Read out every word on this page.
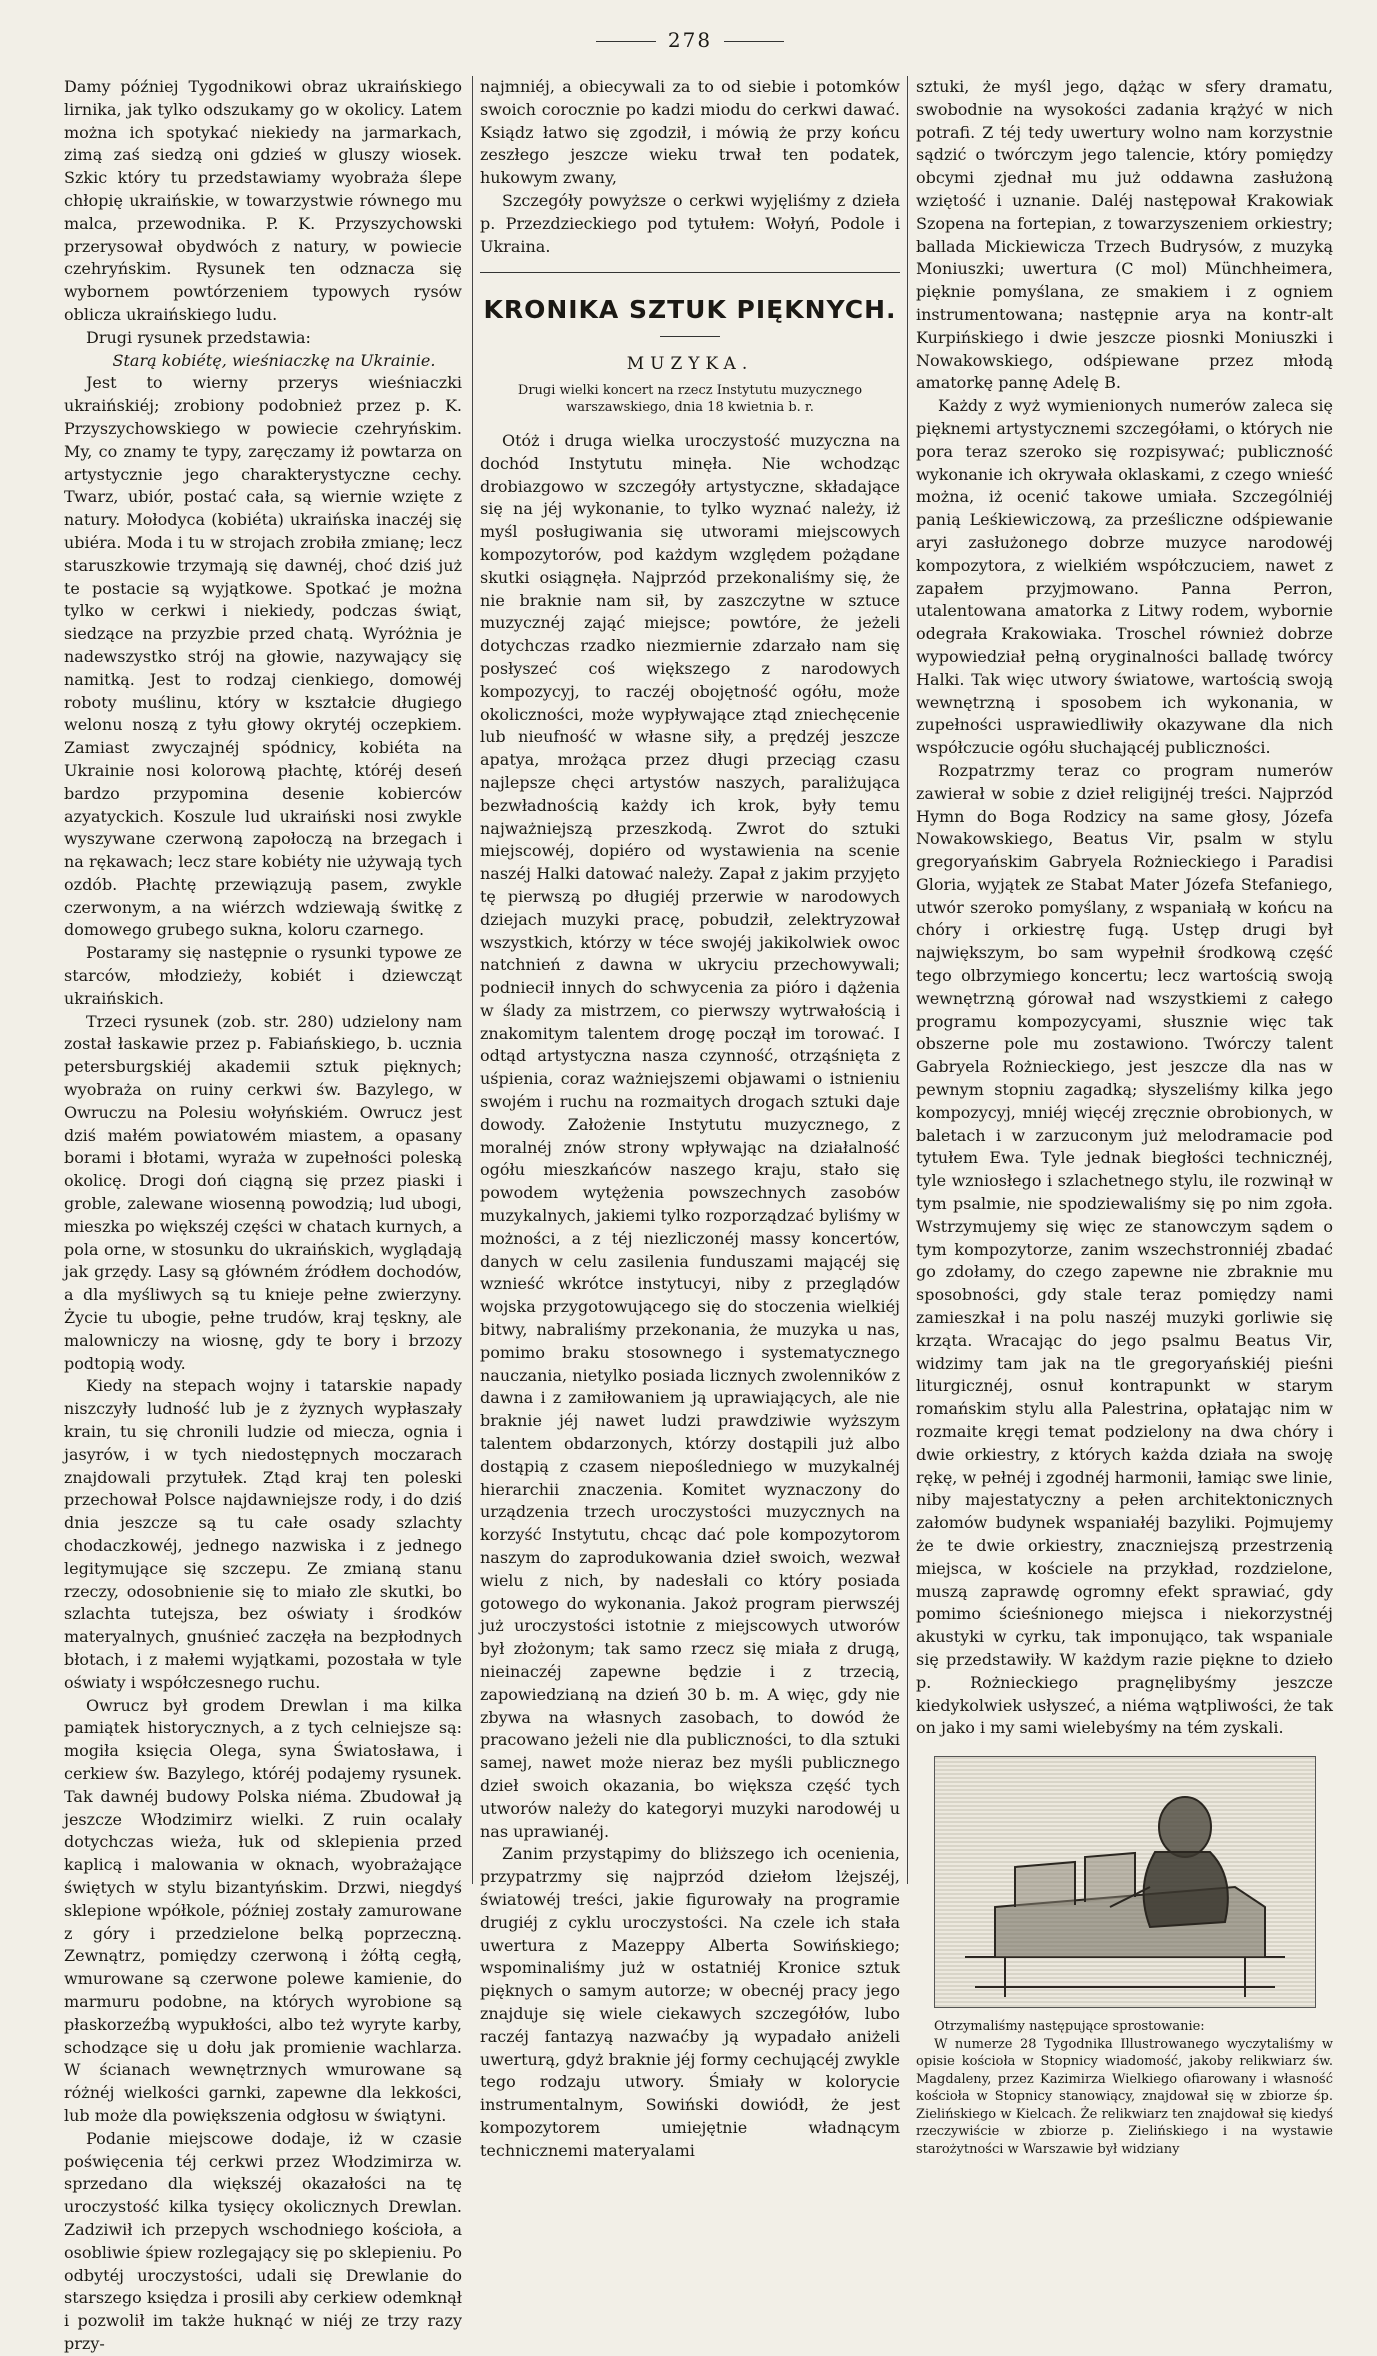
278

Damy później Tygodnikowi obraz ukraińskiego lirnika, jak tylko odszukamy go w okolicy. Latem można ich spotykać niekiedy na jarmarkach, zimą zaś siedzą oni gdzieś w gluszy wiosek. Szkic który tu przedstawiamy wyobraża ślepe chłopię ukraińskie, w towarzystwie równego mu malca, przewodnika. P. K. Przyszychowski przerysował obydwóch z natury, w powiecie czehryńskim. Rysunek ten odznacza się wybornem powtórzeniem typowych rysów oblicza ukraińskiego ludu.

Drugi rysunek przedstawia:

Starą kobiétę, wieśniaczkę na Ukrainie.

Jest to wierny przerys wieśniaczki ukraińskiéj; zrobiony podobnież przez p. K. Przyszychowskiego w powiecie czehryńskim. My, co znamy te typy, zaręczamy iż powtarza on artystycznie jego charakterystyczne cechy. Twarz, ubiór, postać cała, są wiernie wzięte z natury. Mołodyca (kobiéta) ukraińska inaczéj się ubiéra. Moda i tu w strojach zrobiła zmianę; lecz staruszkowie trzymają się dawnéj, choć dziś już te postacie są wyjątkowe. Spotkać je można tylko w cerkwi i niekiedy, podczas świąt, siedzące na przyzbie przed chatą. Wyróżnia je nadewszystko strój na głowie, nazywający się namitką. Jest to rodzaj cienkiego, domowéj roboty muślinu, który w kształcie długiego welonu noszą z tyłu głowy okrytéj oczepkiem. Zamiast zwyczajnéj spódnicy, kobiéta na Ukrainie nosi kolorową płachtę, któréj deseń bardzo przypomina desenie kobierców azyatyckich. Koszule lud ukraiński nosi zwykle wyszywane czerwoną zapołoczą na brzegach i na rękawach; lecz stare kobiéty nie używają tych ozdób. Płachtę przewiązują pasem, zwykle czerwonym, a na wiérzch wdziewają świtkę z domowego grubego sukna, koloru czarnego.

Postaramy się następnie o rysunki typowe ze starców, młodzieży, kobiét i dziewcząt ukraińskich.

Trzeci rysunek (zob. str. 280) udzielony nam został łaskawie przez p. Fabiańskiego, b. ucznia petersburgskiéj akademii sztuk pięknych; wyobraża on ruiny cerkwi św. Bazylego, w Owruczu na Polesiu wołyńskiém. Owrucz jest dziś małém powiatowém miastem, a opasany borami i błotami, wyraża w zupełności poleską okolicę. Drogi doń ciągną się przez piaski i groble, zalewane wiosenną powodzią; lud ubogi, mieszka po większéj części w chatach kurnych, a pola orne, w stosunku do ukraińskich, wyglądają jak grzędy. Lasy są główném źródłem dochodów, a dla myśliwych są tu knieje pełne zwierzyny. Życie tu ubogie, pełne trudów, kraj tęskny, ale malowniczy na wiosnę, gdy te bory i brzozy podtopią wody.

Kiedy na stepach wojny i tatarskie napady niszczyły ludność lub je z żyznych wypłaszały krain, tu się chronili ludzie od miecza, ognia i jasyrów, i w tych niedostępnych moczarach znajdowali przytułek. Ztąd kraj ten poleski przechował Polsce najdawniejsze rody, i do dziś dnia jeszcze są tu całe osady szlachty chodaczkowéj, jednego nazwiska i z jednego legitymujące się szczepu. Ze zmianą stanu rzeczy, odosobnienie się to miało zle skutki, bo szlachta tutejsza, bez oświaty i środków materyalnych, gnuśnieć zaczęła na bezpłodnych błotach, i z małemi wyjątkami, pozostała w tyle oświaty i współczesnego ruchu.

Owrucz był grodem Drewlan i ma kilka pamiątek historycznych, a z tych celniejsze są: mogiła księcia Olega, syna Światosława, i cerkiew św. Bazylego, któréj podajemy rysunek. Tak dawnéj budowy Polska niéma. Zbudował ją jeszcze Włodzimirz wielki. Z ruin ocalały dotychczas wieża, łuk od sklepienia przed kaplicą i malowania w oknach, wyobrażające świętych w stylu bizantyńskim. Drzwi, niegdyś sklepione wpółkole, później zostały zamurowane z góry i przedzielone belką poprzeczną. Zewnątrz, pomiędzy czerwoną i żółtą cegłą, wmurowane są czerwone polewe kamienie, do marmuru podobne, na których wyrobione są płaskorzeźbą wypukłości, albo też wyryte karby, schodzące się u dołu jak promienie wachlarza. W ścianach wewnętrznych wmurowane są różnéj wielkości garnki, zapewne dla lekkości, lub może dla powiększenia odgłosu w świątyni.

Podanie miejscowe dodaje, iż w czasie poświęcenia téj cerkwi przez Włodzimirza w. sprzedano dla większéj okazałości na tę uroczystość kilka tysięcy okolicznych Drewlan. Zadziwił ich przepych wschodniego kościoła, a osobliwie śpiew rozlegający się po sklepieniu. Po odbytéj uroczystości, udali się Drewlanie do starszego księdza i prosili aby cerkiew odemknął i pozwolił im także huknąć w niéj ze trzy razy przy-

najmniéj, a obiecywali za to od siebie i potomków swoich corocznie po kadzi miodu do cerkwi dawać. Ksiądz łatwo się zgodził, i mówią że przy końcu zeszłego jeszcze wieku trwał ten podatek, hukowym zwany,

Szczegóły powyższe o cerkwi wyjęliśmy z dzieła p. Przezdzieckiego pod tytułem: Wołyń, Podole i Ukraina.

KRONIKA SZTUK PIĘKNYCH.
MUZYKA.
Drugi wielki koncert na rzecz Instytutu muzycznego warszawskiego, dnia 18 kwietnia b. r.

Otóż i druga wielka uroczystość muzyczna na dochód Instytutu minęła. Nie wchodząc drobiazgowo w szczegóły artystyczne, składające się na jéj wykonanie, to tylko wyznać należy, iż myśl posługiwania się utworami miejscowych kompozytorów, pod każdym względem pożądane skutki osiągnęła. Najprzód przekonaliśmy się, że nie braknie nam sił, by zaszczytne w sztuce muzycznéj zająć miejsce; powtóre, że jeżeli dotychczas rzadko niezmiernie zdarzało nam się posłyszeć coś większego z narodowych kompozycyj, to raczéj obojętność ogółu, może okoliczności, może wypływające ztąd zniechęcenie lub nieufność w własne siły, a prędzéj jeszcze apatya, mrożąca przez długi przeciąg czasu najlepsze chęci artystów naszych, paraliżująca bezwładnością każdy ich krok, były temu najważniejszą przeszkodą. Zwrot do sztuki miejscowéj, dopiéro od wystawienia na scenie naszéj Halki datować należy. Zapał z jakim przyjęto tę pierwszą po długiéj przerwie w narodowych dziejach muzyki pracę, pobudził, zelektryzował wszystkich, którzy w téce swojéj jakikolwiek owoc natchnień z dawna w ukryciu przechowywali; podniecił innych do schwycenia za pióro i dążenia w ślady za mistrzem, co pierwszy wytrwałością i znakomitym talentem drogę począł im torować. I odtąd artystyczna nasza czynność, otrząśnięta z uśpienia, coraz ważniejszemi objawami o istnieniu swojém i ruchu na rozmaitych drogach sztuki daje dowody. Założenie Instytutu muzycznego, z moralnéj znów strony wpływając na działalność ogółu mieszkańców naszego kraju, stało się powodem wytężenia powszechnych zasobów muzykalnych, jakiemi tylko rozporządzać byliśmy w możności, a z téj niezliczonéj massy koncertów, danych w celu zasilenia funduszami mającéj się wznieść wkrótce instytucyi, niby z przeglądów wojska przygotowującego się do stoczenia wielkiéj bitwy, nabraliśmy przekonania, że muzyka u nas, pomimo braku stosownego i systematycznego nauczania, nietylko posiada licznych zwolenników z dawna i z zamiłowaniem ją uprawiających, ale nie braknie jéj nawet ludzi prawdziwie wyższym talentem obdarzonych, którzy dostąpili już albo dostąpią z czasem niepośledniego w muzykalnéj hierarchii znaczenia. Komitet wyznaczony do urządzenia trzech uroczystości muzycznych na korzyść Instytutu, chcąc dać pole kompozytorom naszym do zaprodukowania dzieł swoich, wezwał wielu z nich, by nadesłali co który posiada gotowego do wykonania. Jakoż program pierwszéj już uroczystości istotnie z miejscowych utworów był złożonym; tak samo rzecz się miała z drugą, nieinaczéj zapewne będzie i z trzecią, zapowiedzianą na dzień 30 b. m. A więc, gdy nie zbywa na własnych zasobach, to dowód że pracowano jeżeli nie dla publiczności, to dla sztuki samej, nawet może nieraz bez myśli publicznego dzieł swoich okazania, bo większa część tych utworów należy do kategoryi muzyki narodowéj u nas uprawianéj.

Zanim przystąpimy do bliższego ich ocenienia, przypatrzmy się najprzód dziełom lżejszéj, światowéj treści, jakie figurowały na programie drugiéj z cyklu uroczystości. Na czele ich stała uwertura z Mazeppy Alberta Sowińskiego; wspominaliśmy już w ostatniéj Kronice sztuk pięknych o samym autorze; w obecnéj pracy jego znajduje się wiele ciekawych szczegółów, lubo raczéj fantazyą nazwaćby ją wypadało aniżeli uwerturą, gdyż braknie jéj formy cechującéj zwykle tego rodzaju utwory. Śmiały w kolorycie instrumentalnym, Sowiński dowiódł, że jest kompozytorem umiejętnie władnącym technicznemi materyalami

sztuki, że myśl jego, dążąc w sfery dramatu, swobodnie na wysokości zadania krążyć w nich potrafi. Z téj tedy uwertury wolno nam korzystnie sądzić o twórczym jego talencie, który pomiędzy obcymi zjednał mu już oddawna zasłużoną wziętość i uznanie. Daléj następował Krakowiak Szopena na fortepian, z towarzyszeniem orkiestry; ballada Mickiewicza Trzech Budrysów, z muzyką Moniuszki; uwertura (C mol) Münchheimera, pięknie pomyślana, ze smakiem i z ogniem instrumentowana; następnie arya na kontr-alt Kurpińskiego i dwie jeszcze piosnki Moniuszki i Nowakowskiego, odśpiewane przez młodą amatorkę pannę Adelę B.

Każdy z wyż wymienionych numerów zaleca się pięknemi artystycznemi szczegółami, o których nie pora teraz szeroko się rozpisywać; publiczność wykonanie ich okrywała oklaskami, z czego wnieść można, iż ocenić takowe umiała. Szczególniéj panią Leśkiewiczową, za prześliczne odśpiewanie aryi zasłużonego dobrze muzyce narodowéj kompozytora, z wielkiém współczuciem, nawet z zapałem przyjmowano. Panna Perron, utalentowana amatorka z Litwy rodem, wybornie odegrała Krakowiaka. Troschel również dobrze wypowiedział pełną oryginalności balladę twórcy Halki. Tak więc utwory światowe, wartością swoją wewnętrzną i sposobem ich wykonania, w zupełności usprawiedliwiły okazywane dla nich współczucie ogółu słuchającéj publiczności.

Rozpatrzmy teraz co program numerów zawierał w sobie z dzieł religijnéj treści. Najprzód Hymn do Boga Rodzicy na same głosy, Józefa Nowakowskiego, Beatus Vir, psalm w stylu gregoryańskim Gabryela Rożnieckiego i Paradisi Gloria, wyjątek ze Stabat Mater Józefa Stefaniego, utwór szeroko pomyślany, z wspaniałą w końcu na chóry i orkiestrę fugą. Ustęp drugi był największym, bo sam wypełnił środkową część tego olbrzymiego koncertu; lecz wartością swoją wewnętrzną górował nad wszystkiemi z całego programu kompozycyami, słusznie więc tak obszerne pole mu zostawiono. Twórczy talent Gabryela Rożnieckiego, jest jeszcze dla nas w pewnym stopniu zagadką; słyszeliśmy kilka jego kompozycyj, mniéj więcéj zręcznie obrobionych, w baletach i w zarzuconym już melodramacie pod tytułem Ewa. Tyle jednak biegłości technicznéj, tyle wzniosłego i szlachetnego stylu, ile rozwinął w tym psalmie, nie spodziewaliśmy się po nim zgoła. Wstrzymujemy się więc ze stanowczym sądem o tym kompozytorze, zanim wszechstronniéj zbadać go zdołamy, do czego zapewne nie zbraknie mu sposobności, gdy stale teraz pomiędzy nami zamieszkał i na polu naszéj muzyki gorliwie się krząta. Wracając do jego psalmu Beatus Vir, widzimy tam jak na tle gregoryańskiéj pieśni liturgicznéj, osnuł kontrapunkt w starym romańskim stylu alla Palestrina, opłatając nim w rozmaite kręgi temat podzielony na dwa chóry i dwie orkiestry, z których każda działa na swoję rękę, w pełnéj i zgodnéj harmonii, łamiąc swe linie, niby majestatyczny a pełen architektonicznych załomów budynek wspaniałéj bazyliki. Pojmujemy że te dwie orkiestry, znaczniejszą przestrzenią miejsca, w kościele na przykład, rozdzielone, muszą zaprawdę ogromny efekt sprawiać, gdy pomimo ścieśnionego miejsca i niekorzystnéj akustyki w cyrku, tak imponująco, tak wspaniale się przedstawiły. W każdym razie piękne to dzieło p. Rożnieckiego pragnęlibyśmy jeszcze kiedykolwiek usłyszeć, a niéma wątpliwości, że tak on jako i my sami wielebyśmy na tém zyskali.

Otrzymaliśmy następujące sprostowanie:

W numerze 28 Tygodnika Illustrowanego wyczytaliśmy w opisie kościoła w Stopnicy wiadomość, jakoby relikwiarz św. Magdaleny, przez Kazimirza Wielkiego ofiarowany i własność kościoła w Stopnicy stanowiący, znajdował się w zbiorze śp. Zielińskiego w Kielcach. Że relikwiarz ten znajdował się kiedyś rzeczywiście w zbiorze p. Zielińskiego i na wystawie starożytności w Warszawie był widziany
